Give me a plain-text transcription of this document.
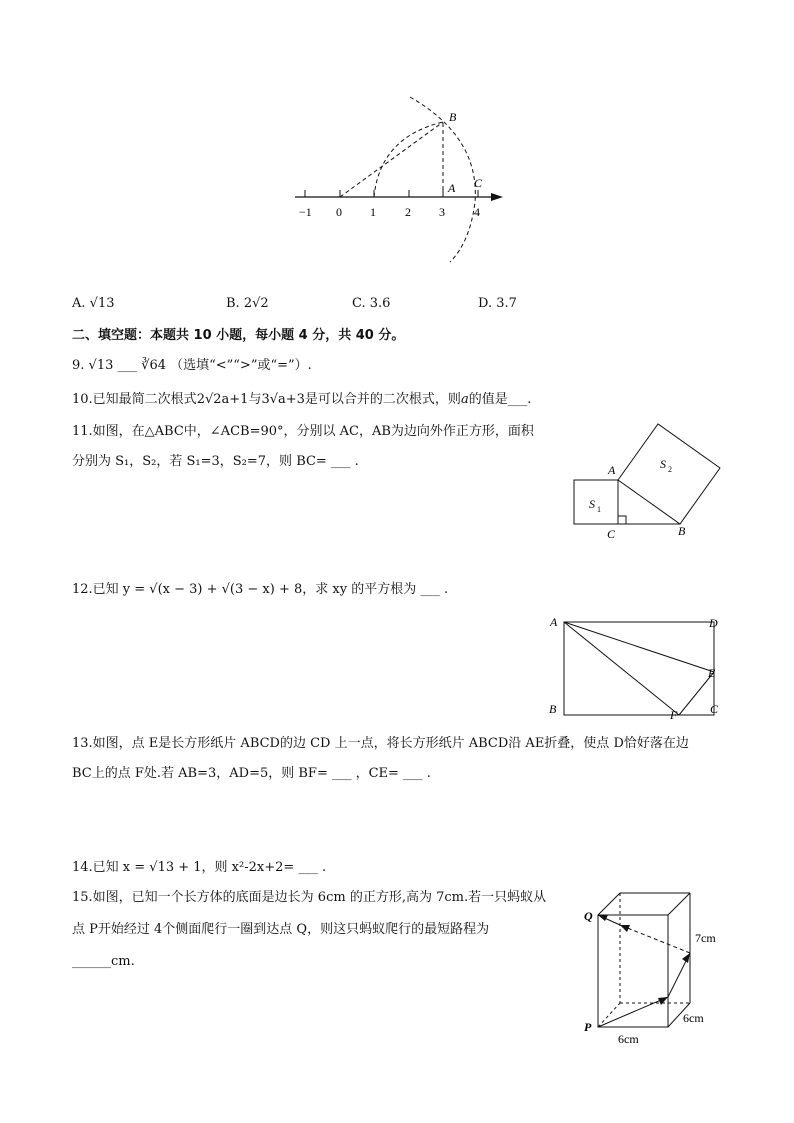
−1 0 1 2 3 4
B
A C
A. √13	B. 2√2	C. 3.6	D. 3.7
二、填空题：本题共 10 小题，每小题 4 分，共 40 分。
9. √13 ___ ∛64 （选填“<”“>”或“=”）.
10.已知最简二次根式2√2a+1与3√a+3是可以合并的二次根式，则a的值是___.
11.如图，在△ABC中，∠ACB=90°，分别以 AC，AB为边向外作正方形，面积
分别为 S₁，S₂，若 S₁=3，S₂=7，则 BC= ___ .
A
C	B
S 1
S 2
12.已知 y = √(x − 3) + √(3 − x) + 8，求 xy 的平方根为 ___ .
A	D
E
B	C
F
13.如图，点 E是长方形纸片 ABCD的边 CD 上一点，将长方形纸片 ABCD沿 AE折叠，使点 D恰好落在边
BC上的点 F处.若 AB=3，AD=5，则 BF= ___ ，CE= ___ .
14.已知 x = √13 + 1，则 x²-2x+2= ___ .
15.如图，已知一个长方体的底面是边长为 6cm 的正方形,高为 7cm.若一只蚂蚁从
点 P开始经过 4个侧面爬行一圈到达点 Q，则这只蚂蚁爬行的最短路程为
______cm.
Q
P
7cm
6cm
6cm
